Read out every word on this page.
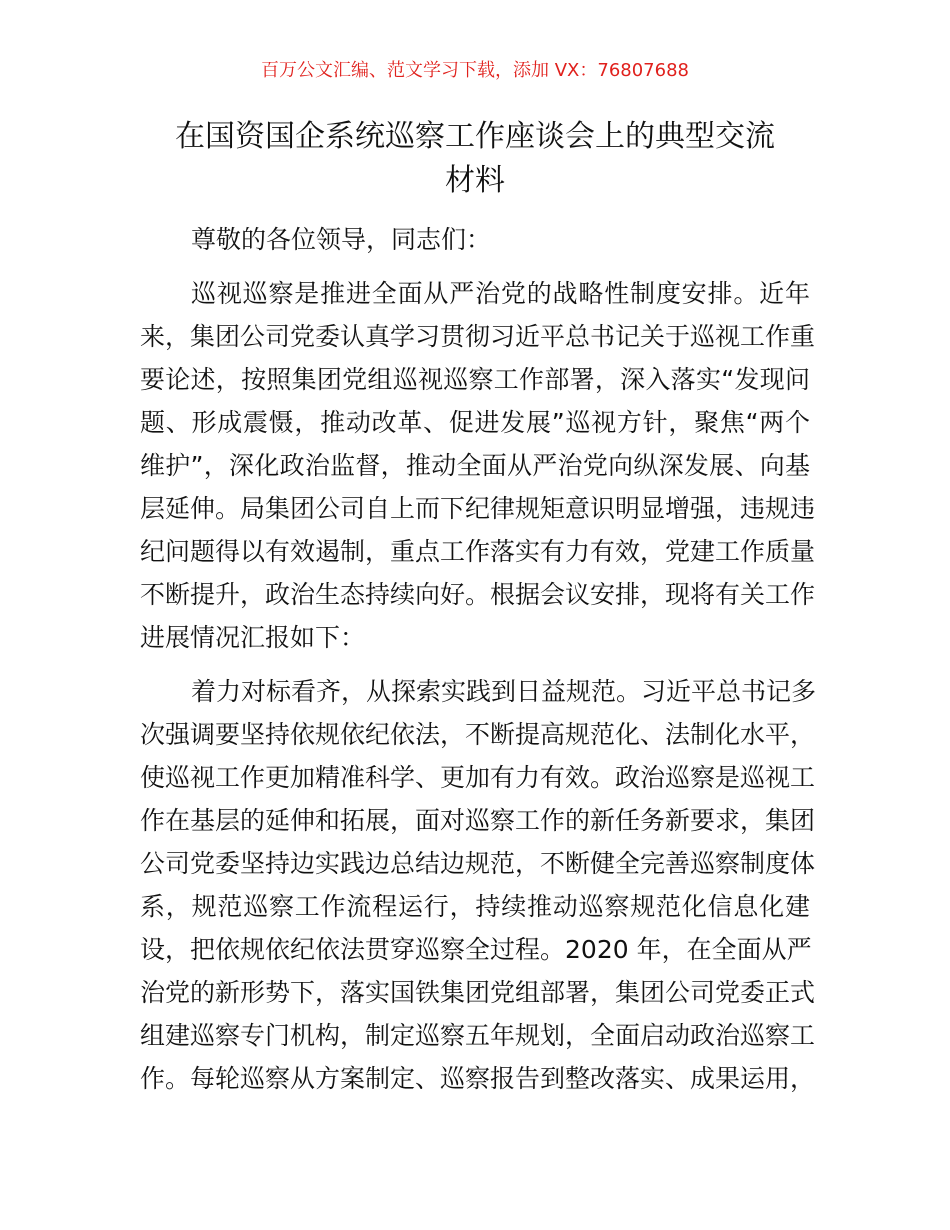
百万公文汇编、范文学习下载，添加 VX：76807688
在国资国企系统巡察工作座谈会上的典型交流
材料
尊敬的各位领导，同志们：
巡视巡察是推进全面从严治党的战略性制度安排。近年
来，集团公司党委认真学习贯彻习近平总书记关于巡视工作重
要论述，按照集团党组巡视巡察工作部署，深入落实“发现问
题、形成震慑，推动改革、促进发展”巡视方针，聚焦“两个
维护”，深化政治监督，推动全面从严治党向纵深发展、向基
层延伸。局集团公司自上而下纪律规矩意识明显增强，违规违
纪问题得以有效遏制，重点工作落实有力有效，党建工作质量
不断提升，政治生态持续向好。根据会议安排，现将有关工作
进展情况汇报如下：
着力对标看齐，从探索实践到日益规范。习近平总书记多
次强调要坚持依规依纪依法，不断提高规范化、法制化水平，
使巡视工作更加精准科学、更加有力有效。政治巡察是巡视工
作在基层的延伸和拓展，面对巡察工作的新任务新要求，集团
公司党委坚持边实践边总结边规范，不断健全完善巡察制度体
系，规范巡察工作流程运行，持续推动巡察规范化信息化建
设，把依规依纪依法贯穿巡察全过程。2020 年，在全面从严
治党的新形势下，落实国铁集团党组部署，集团公司党委正式
组建巡察专门机构，制定巡察五年规划，全面启动政治巡察工
作。每轮巡察从方案制定、巡察报告到整改落实、成果运用，
